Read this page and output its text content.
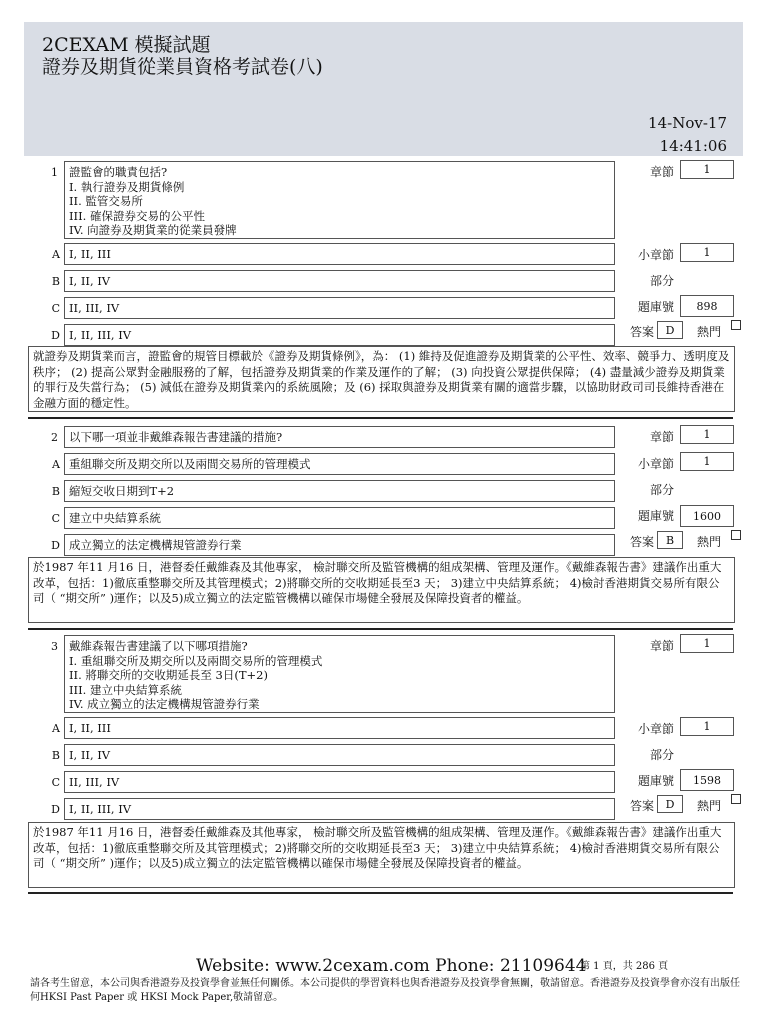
2CEXAM 模擬試題
證券及期貨從業員資格考試卷(八)
14-Nov-17
14:41:06
1 證監會的職責包括?
I. 執行證券及期貨條例
II. 監管交易所
III. 確保證券交易的公平性
IV. 向證券及期貨業的從業員發牌
A I, II, III
B I, II, IV
C II, III, IV
D I, II, III, IV
章節	1
小章節	1
部分
題庫號	898
答案	D	熱門
就證券及期貨業而言，證監會的規管目標載於《證券及期貨條例》，為： (1) 維持及促進證券及期貨業的公平性、效率、競爭力、透明度及秩序； (2) 提高公眾對金融服務的了解，包括證券及期貨業的作業及運作的了解； (3) 向投資公眾提供保障； (4) 盡量減少證券及期貨業的罪行及失當行為； (5) 減低在證券及期貨業內的系統風險；及 (6) 採取與證券及期貨業有關的適當步驟，以協助財政司司長維持香港在金融方面的穩定性。
2 以下哪一項並非戴維森報告書建議的措施?
A 重組聯交所及期交所以及兩間交易所的管理模式
B 縮短交收日期到T+2
C 建立中央結算系統
D 成立獨立的法定機構規管證券行業
章節	1
小章節	1
部分
題庫號	1600
答案	B	熱門
於1987 年11 月16 日，港督委任戴維森及其他專家， 檢討聯交所及監管機構的組成架構、管理及運作。《戴維森報告書》建議作出重大改革，包括：1)徹底重整聯交所及其管理模式；2)將聯交所的交收期延長至3 天； 3)建立中央結算系統； 4)檢討香港期貨交易所有限公司（ “期交所” )運作；以及5)成立獨立的法定監管機構以確保市場健全發展及保障投資者的權益。
3 戴維森報告書建議了以下哪項措施?
I. 重組聯交所及期交所以及兩間交易所的管理模式
II. 將聯交所的交收期延長至 3日(T+2)
III. 建立中央結算系統
IV. 成立獨立的法定機構規管證券行業
A I, II, III
B I, II, IV
C II, III, IV
D I, II, III, IV
章節	1
小章節	1
部分
題庫號	1598
答案	D	熱門
於1987 年11 月16 日，港督委任戴維森及其他專家， 檢討聯交所及監管機構的組成架構、管理及運作。《戴維森報告書》建議作出重大改革，包括：1)徹底重整聯交所及其管理模式；2)將聯交所的交收期延長至3 天； 3)建立中央結算系統； 4)檢討香港期貨交易所有限公司（ “期交所” )運作；以及5)成立獨立的法定監管機構以確保市場健全發展及保障投資者的權益。
Website: www.2cexam.com Phone: 21109644
第 1 頁，共 286 頁
請各考生留意，本公司與香港證券及投資學會並無任何關係。本公司提供的學習資料也與香港證券及投資學會無關，敬請留意。香港證券及投資學會亦沒有出版任何HKSI Past Paper 或 HKSI Mock Paper,敬請留意。
